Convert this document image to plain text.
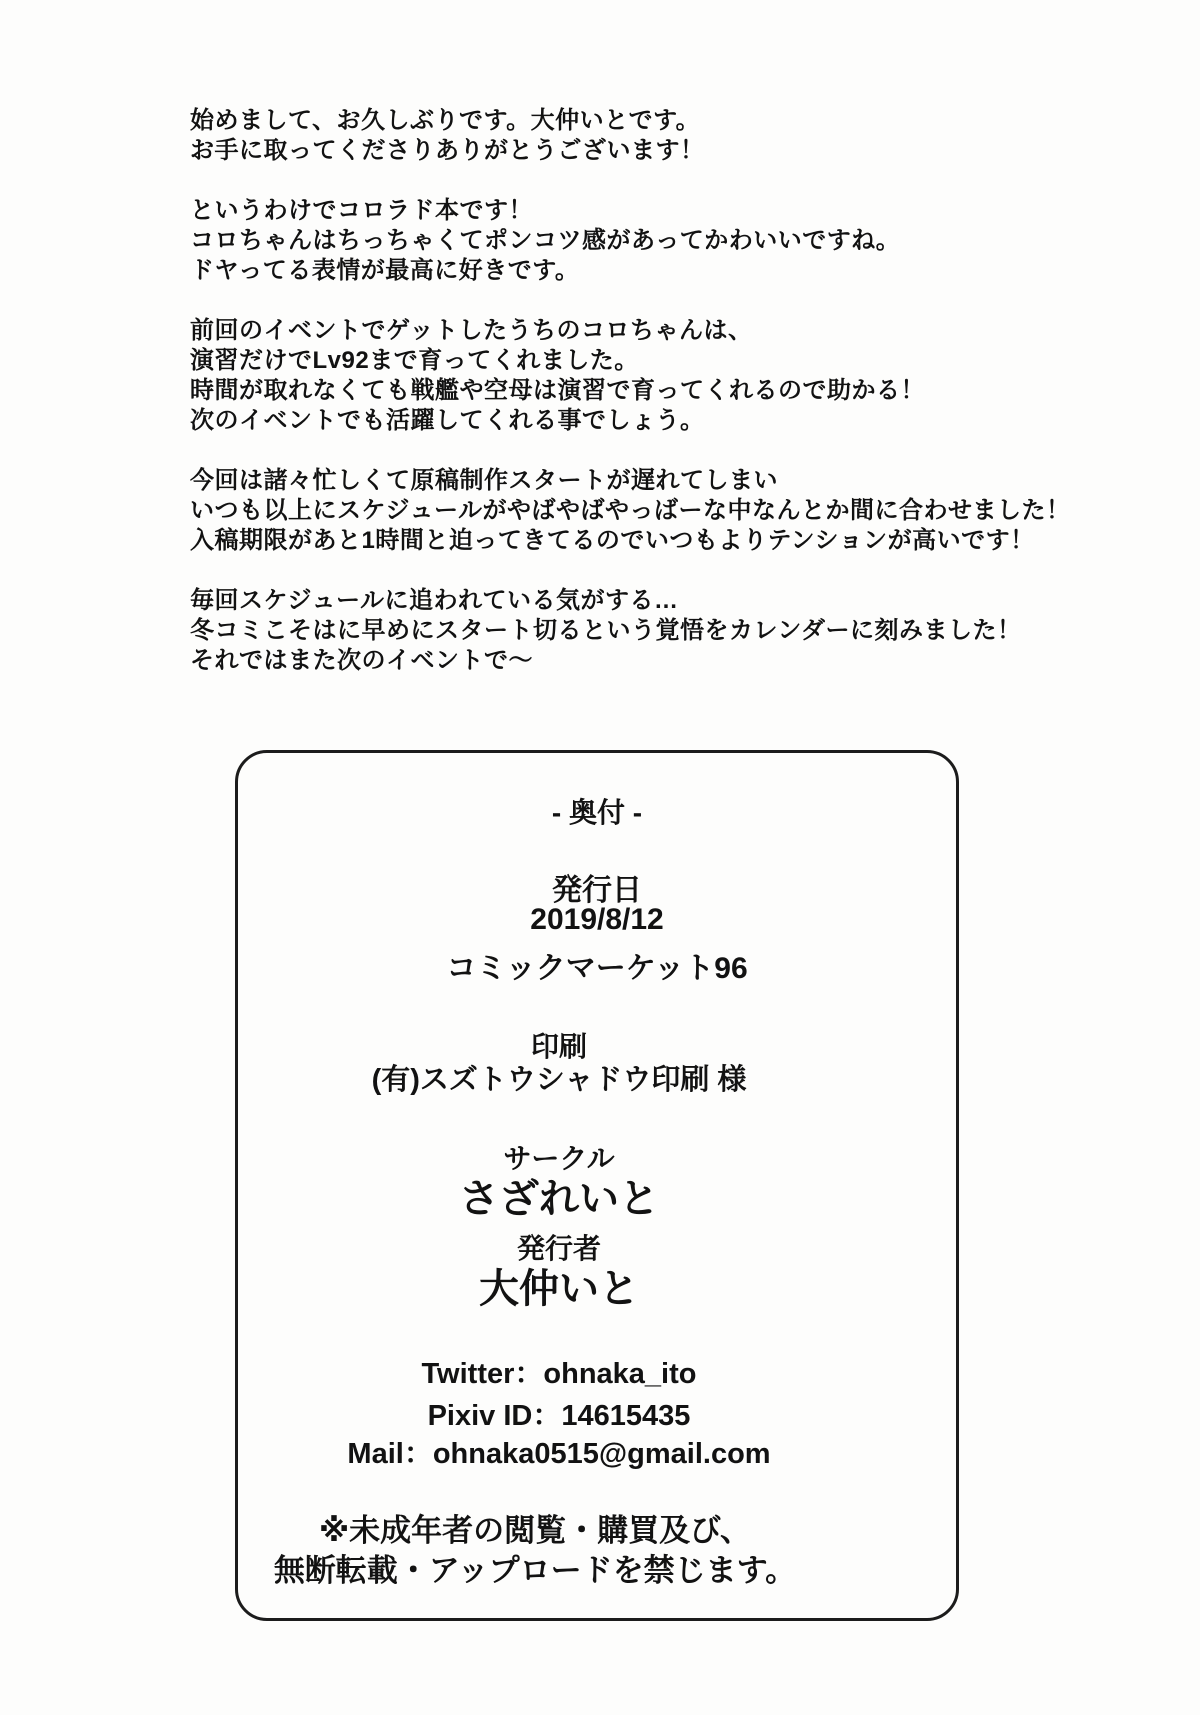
始めまして、お久しぶりです。大仲いとです。
お手に取ってくださりありがとうございます！
というわけでコロラド本です！
コロちゃんはちっちゃくてポンコツ感があってかわいいですね。
ドヤってる表情が最高に好きです。
前回のイベントでゲットしたうちのコロちゃんは、
演習だけでLv92まで育ってくれました。
時間が取れなくても戦艦や空母は演習で育ってくれるので助かる！
次のイベントでも活躍してくれる事でしょう。
今回は諸々忙しくて原稿制作スタートが遅れてしまい
いつも以上にスケジュールがやばやばやっばーな中なんとか間に合わせました！
入稿期限があと1時間と迫ってきてるのでいつもよりテンションが高いです！
毎回スケジュールに追われている気がする…
冬コミこそはに早めにスタート切るという覚悟をカレンダーに刻みました！
それではまた次のイベントで～
- 奥付 -
発行日
2019/8/12
コミックマーケット96
印刷
(有)スズトウシャドウ印刷 様
サークル
さざれいと
発行者
大仲いと
Twitter：ohnaka_ito
Pixiv ID：14615435
Mail：ohnaka0515@gmail.com
※未成年者の閲覧・購買及び、
無断転載・アップロードを禁じます。
